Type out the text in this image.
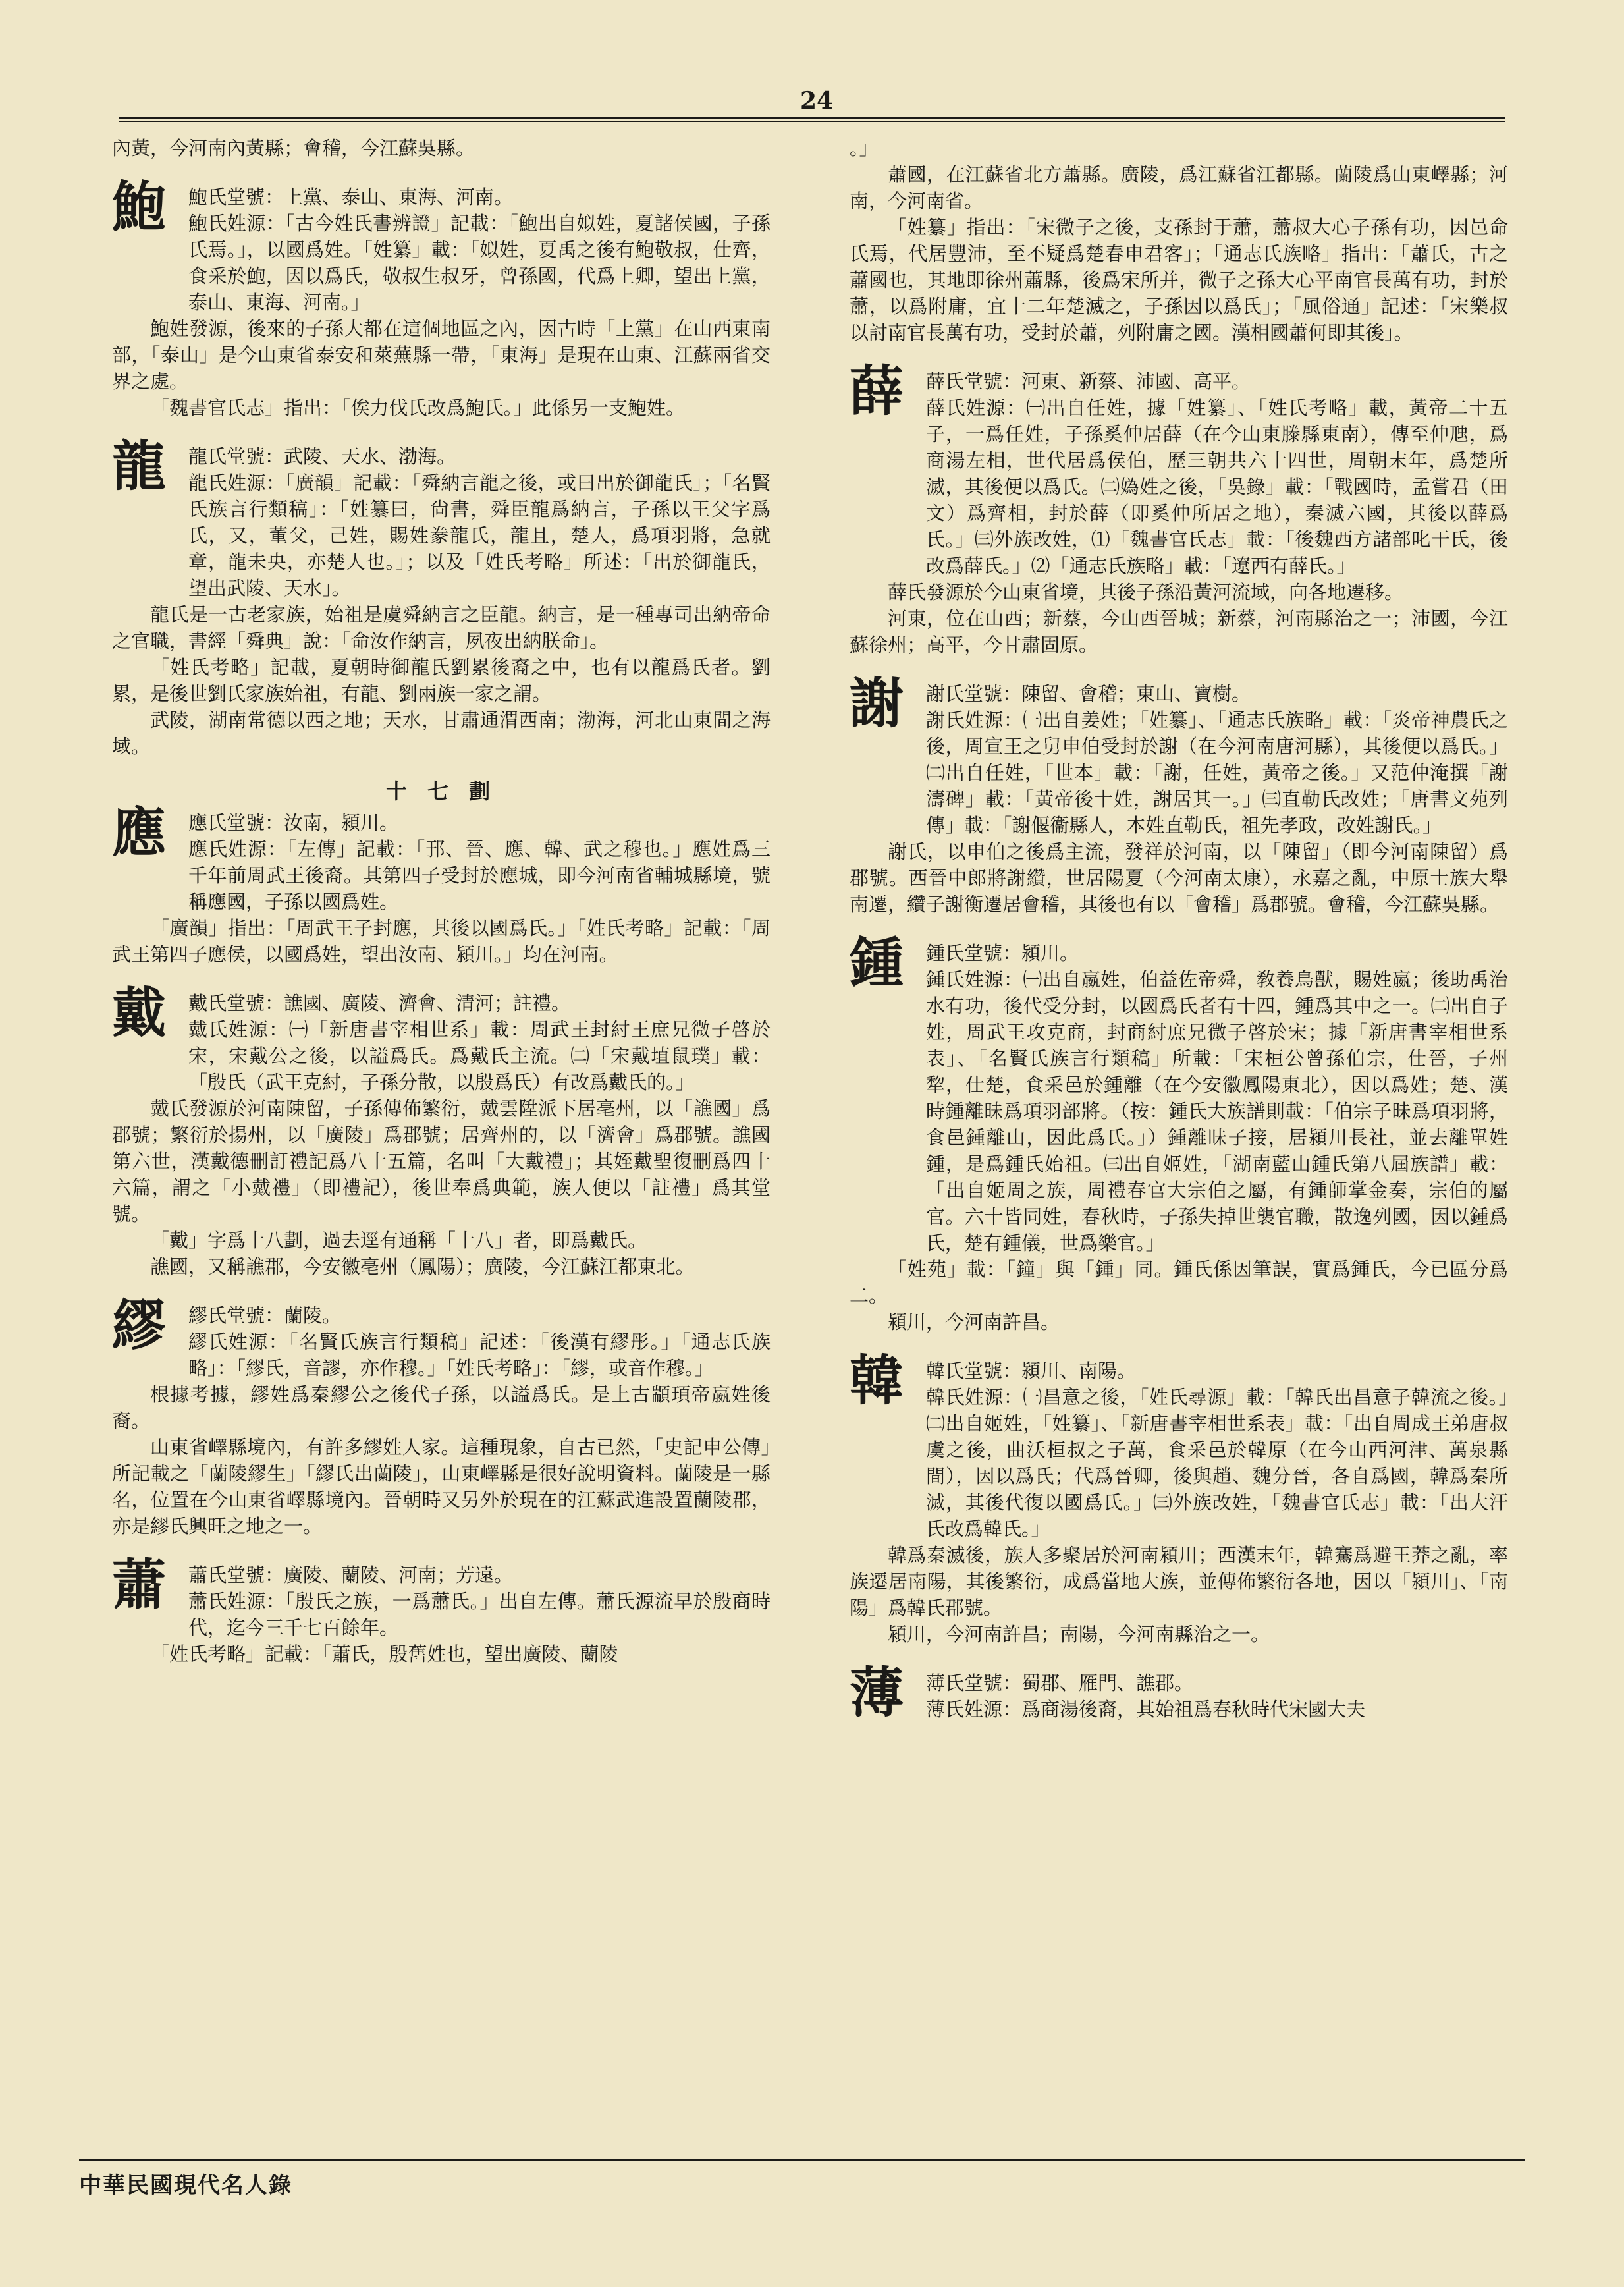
24

內黃，今河南內黃縣；會稽，今江蘇吳縣。

鮑 鮑氏堂號：上黨、泰山、東海、河南。

鮑氏姓源：「古今姓氏書辨證」記載：「鮑出自姒姓，夏諸侯國，子孫氏焉。」，以國爲姓。「姓纂」載：「姒姓，夏禹之後有鮑敬叔，仕齊，食采於鮑，因以爲氏，敬叔生叔牙，曾孫國，代爲上卿，望出上黨，泰山、東海、河南。」

鮑姓發源，後來的子孫大都在這個地區之內，因古時「上黨」在山西東南部，「泰山」是今山東省泰安和萊蕪縣一帶，「東海」是現在山東、江蘇兩省交界之處。

「魏書官氏志」指出：「俟力伐氏改爲鮑氏。」此係另一支鮑姓。

龍 龍氏堂號：武陵、天水、渤海。

龍氏姓源：「廣韻」記載：「舜納言龍之後，或曰出於御龍氏」；「名賢氏族言行類稿」：「姓纂曰，尙書，舜臣龍爲納言，子孫以王父字爲氏，又，董父，己姓，賜姓豢龍氏，龍且，楚人，爲項羽將，急就章，龍未央，亦楚人也。」；以及「姓氏考略」所述：「出於御龍氏，望出武陵、天水」。

龍氏是一古老家族，始祖是虞舜納言之臣龍。納言，是一種專司出納帝命之官職，書經「舜典」說：「命汝作納言，夙夜出納朕命」。

「姓氏考略」記載，夏朝時御龍氏劉累後裔之中，也有以龍爲氏者。劉累，是後世劉氏家族始祖，有龍、劉兩族一家之謂。

武陵，湖南常德以西之地；天水，甘肅通渭西南；渤海，河北山東間之海域。

十 七 劃
應 應氏堂號：汝南，潁川。

應氏姓源：「左傳」記載：「邘、晉、應、韓、武之穆也。」應姓爲三千年前周武王後裔。其第四子受封於應城，即今河南省輔城縣境，號稱應國，子孫以國爲姓。

「廣韻」指出：「周武王子封應，其後以國爲氏。」「姓氏考略」記載：「周武王第四子應侯，以國爲姓，望出汝南、潁川。」均在河南。

戴 戴氏堂號：譙國、廣陵、濟會、清河；註禮。

戴氏姓源：㈠「新唐書宰相世系」載：周武王封紂王庶兄微子啓於宋，宋戴公之後，以謚爲氏。爲戴氏主流。㈡「宋戴埴鼠璞」載：「殷氏（武王克紂，子孫分散，以殷爲氏）有改爲戴氏的。」

戴氏發源於河南陳留，子孫傳佈繁衍，戴雲陞派下居亳州，以「譙國」爲郡號；繁衍於揚州，以「廣陵」爲郡號；居齊州的，以「濟會」爲郡號。譙國第六世，漢戴德刪訂禮記爲八十五篇，名叫「大戴禮」；其姪戴聖復刪爲四十六篇，謂之「小戴禮」（即禮記），後世奉爲典範，族人便以「註禮」爲其堂號。

「戴」字爲十八劃，過去逕有通稱「十八」者，即爲戴氏。

譙國，又稱譙郡，今安徽亳州（鳳陽）；廣陵，今江蘇江都東北。

繆 繆氏堂號：蘭陵。

繆氏姓源：「名賢氏族言行類稿」記述：「後漢有繆彤。」「通志氏族略」：「繆氏，音謬，亦作穆。」「姓氏考略」：「繆，或音作穆。」

根據考據，繆姓爲秦繆公之後代子孫，以謚爲氏。是上古顓頊帝嬴姓後裔。

山東省嶧縣境內，有許多繆姓人家。這種現象，自古已然，「史記申公傳」所記載之「蘭陵繆生」「繆氏出蘭陵」，山東嶧縣是很好說明資料。蘭陵是一縣名，位置在今山東省嶧縣境內。晉朝時又另外於現在的江蘇武進設置蘭陵郡，亦是繆氏興旺之地之一。

蕭 蕭氏堂號：廣陵、蘭陵、河南；芳遠。

蕭氏姓源：「殷氏之族，一爲蕭氏。」出自左傳。蕭氏源流早於殷商時代，迄今三千七百餘年。

「姓氏考略」記載：「蕭氏，殷舊姓也，望出廣陵、蘭陵

。」

蕭國，在江蘇省北方蕭縣。廣陵，爲江蘇省江都縣。蘭陵爲山東嶧縣；河南，今河南省。

「姓纂」指出：「宋微子之後，支孫封于蕭，蕭叔大心子孫有功，因邑命氏焉，代居豐沛，至不疑爲楚春申君客」；「通志氏族略」指出：「蕭氏，古之蕭國也，其地即徐州蕭縣，後爲宋所并，微子之孫大心平南官長萬有功，封於蕭，以爲附庸，宜十二年楚滅之，子孫因以爲氏」；「風俗通」記述：「宋樂叔以討南官長萬有功，受封於蕭，列附庸之國。漢相國蕭何即其後」。

薛 薛氏堂號：河東、新蔡、沛國、高平。

薛氏姓源：㈠出自任姓，據「姓纂」、「姓氏考略」載，黃帝二十五子，一爲任姓，子孫奚仲居薛（在今山東滕縣東南），傳至仲虺，爲商湯左相，世代居爲侯伯，歷三朝共六十四世，周朝末年，爲楚所滅，其後便以爲氏。㈡媯姓之後，「吳錄」載：「戰國時，孟嘗君（田文）爲齊相，封於薛（即奚仲所居之地），秦滅六國，其後以薛爲氏。」㈢外族改姓，⑴「魏書官氏志」載：「後魏西方諸部叱干氏，後改爲薛氏。」⑵「通志氏族略」載：「遼西有薛氏。」

薛氏發源於今山東省境，其後子孫沿黃河流域，向各地遷移。

河東，位在山西；新蔡，今山西晉城；新蔡，河南縣治之一；沛國，今江蘇徐州；高平，今甘肅固原。

謝 謝氏堂號：陳留、會稽；東山、寶樹。

謝氏姓源：㈠出自姜姓；「姓纂」、「通志氏族略」載：「炎帝神農氏之後，周宣王之舅申伯受封於謝（在今河南唐河縣），其後便以爲氏。」㈡出自任姓，「世本」載：「謝，任姓，黃帝之後。」又范仲淹撰「謝濤碑」載：「黃帝後十姓，謝居其一。」㈢直勒氏改姓；「唐書文苑列傳」載：「謝偃衞縣人，本姓直勒氏，祖先孝政，改姓謝氏。」

謝氏，以申伯之後爲主流，發祥於河南，以「陳留」（即今河南陳留）爲郡號。西晉中郎將謝纘，世居陽夏（今河南太康），永嘉之亂，中原士族大舉南遷，纘子謝衡遷居會稽，其後也有以「會稽」爲郡號。會稽，今江蘇吳縣。

鍾 鍾氏堂號：潁川。

鍾氏姓源：㈠出自嬴姓，伯益佐帝舜，敎養鳥獸，賜姓嬴；後助禹治水有功，後代受分封，以國爲氏者有十四，鍾爲其中之一。㈡出自子姓，周武王攻克商，封商紂庶兄微子啓於宋；據「新唐書宰相世系表」、「名賢氏族言行類稿」所載：「宋桓公曾孫伯宗，仕晉，子州犂，仕楚，食采邑於鍾離（在今安徽鳳陽東北），因以爲姓；楚、漢時鍾離昧爲項羽部將。（按：鍾氏大族譜則載：「伯宗子昧爲項羽將，食邑鍾離山，因此爲氏。」）鍾離昧子接，居潁川長社，並去離單姓鍾，是爲鍾氏始祖。㈢出自姬姓，「湖南藍山鍾氏第八屆族譜」載：「出自姬周之族，周禮春官大宗伯之屬，有鍾師掌金奏，宗伯的屬官。六十皆同姓，春秋時，子孫失掉世襲官職，散逸列國，因以鍾爲氏，楚有鍾儀，世爲樂官。」

「姓苑」載：「鐘」與「鍾」同。鍾氏係因筆誤，實爲鍾氏，今已區分爲二。

潁川，今河南許昌。

韓 韓氏堂號：潁川、南陽。

韓氏姓源：㈠昌意之後，「姓氏尋源」載：「韓氏出昌意子韓流之後。」㈡出自姬姓，「姓纂」、「新唐書宰相世系表」載：「出自周成王弟唐叔虞之後，曲沃桓叔之子萬，食采邑於韓原（在今山西河津、萬泉縣間），因以爲氏；代爲晉卿，後與趙、魏分晉，各自爲國，韓爲秦所滅，其後代復以國爲氏。」㈢外族改姓，「魏書官氏志」載：「出大汗氏改爲韓氏。」

韓爲秦滅後，族人多聚居於河南潁川；西漢末年，韓騫爲避王莽之亂，率族遷居南陽，其後繁衍，成爲當地大族，並傳佈繁衍各地，因以「潁川」、「南陽」爲韓氏郡號。

潁川，今河南許昌；南陽，今河南縣治之一。

薄 薄氏堂號：蜀郡、雁門、譙郡。

薄氏姓源：爲商湯後裔，其始祖爲春秋時代宋國大夫

中華民國現代名人錄
